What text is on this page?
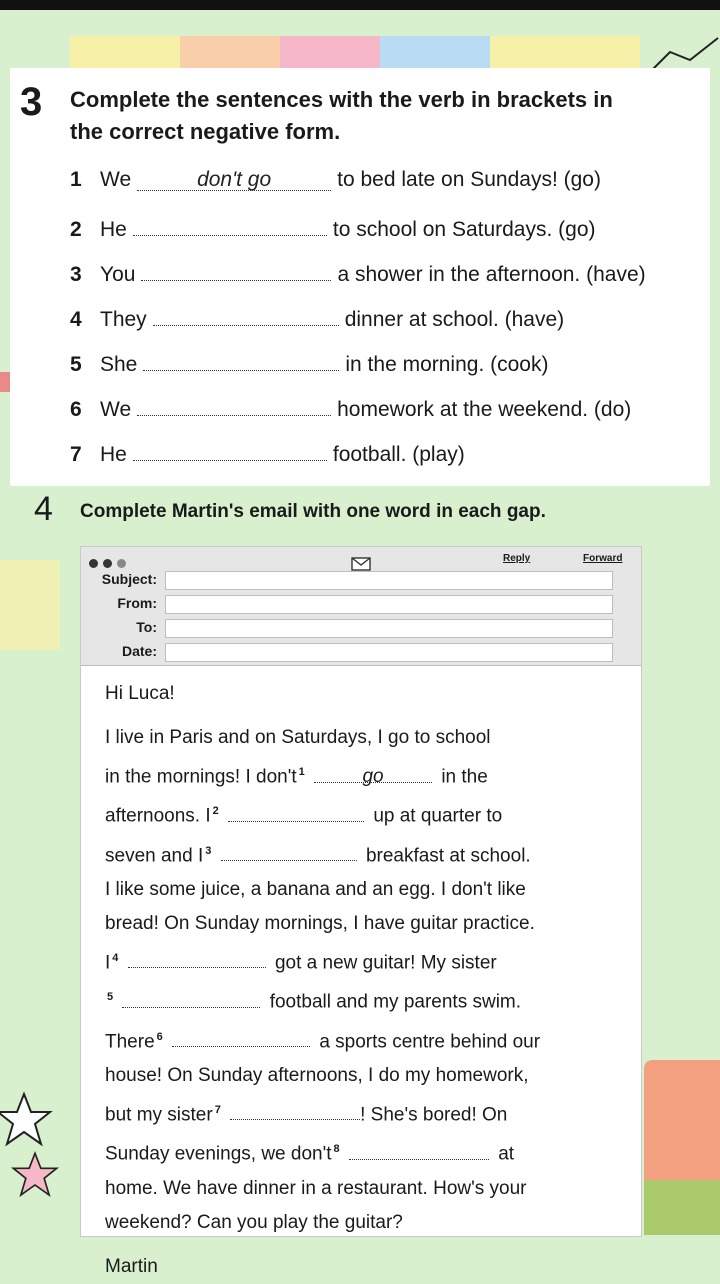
3 Complete the sentences with the verb in brackets in
the correct negative form.
1 We	don't go	to bed late on Sundays! (go)
2 He	to school on Saturdays. (go)
3 You	a shower in the afternoon. (have)
4 They	dinner at school. (have)
5 She	in the morning. (cook)
6 We	homework at the weekend. (do)
7 He	football. (play)
4 Complete Martin's email with one word in each gap.
Reply	Forward
Subject:
From:
To:
Date:

Hi Luca!

I live in Paris and on Saturdays, I go to school
in the mornings! I don't $^1$	go	in the
afternoons. I $^2$	up at quarter to
seven and I $^3$	breakfast at school.
I like some juice, a banana and an egg. I don't like
bread! On Sunday mornings, I have guitar practice.
I $^4$	got a new guitar! My sister
$^5$	football and my parents swim.
There $^6$	a sports centre behind our
house! On Sunday afternoons, I do my homework,
but my sister $^7$	! She's bored! On
Sunday evenings, we don't $^8$	at
home. We have dinner in a restaurant. How's your
weekend? Can you play the guitar?
Martin
